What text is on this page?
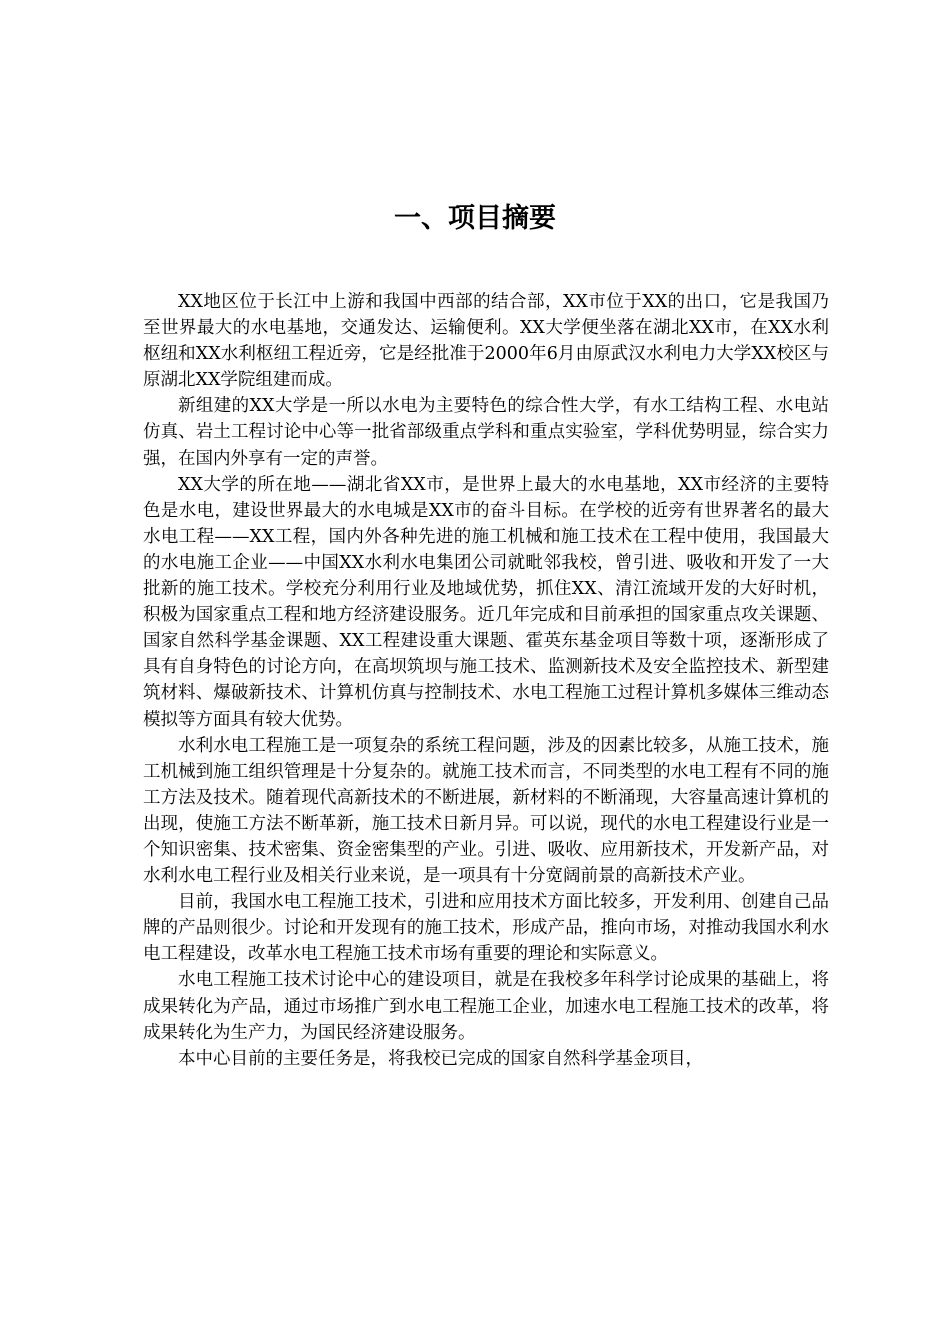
一、项目摘要

XX地区位于长江中上游和我国中西部的结合部，XX市位于XX的出口，它是我国乃至世界最大的水电基地，交通发达、运输便利。XX大学便坐落在湖北XX市，在XX水利枢纽和XX水利枢纽工程近旁，它是经批准于2000年6月由原武汉水利电力大学XX校区与原湖北XX学院组建而成。

新组建的XX大学是一所以水电为主要特色的综合性大学，有水工结构工程、水电站仿真、岩土工程讨论中心等一批省部级重点学科和重点实验室，学科优势明显，综合实力强，在国内外享有一定的声誉。

XX大学的所在地——湖北省XX市，是世界上最大的水电基地，XX市经济的主要特色是水电，建设世界最大的水电城是XX市的奋斗目标。在学校的近旁有世界著名的最大水电工程——XX工程，国内外各种先进的施工机械和施工技术在工程中使用，我国最大的水电施工企业——中国XX水利水电集团公司就毗邻我校，曾引进、吸收和开发了一大批新的施工技术。学校充分利用行业及地域优势，抓住XX、清江流域开发的大好时机，积极为国家重点工程和地方经济建设服务。近几年完成和目前承担的国家重点攻关课题、国家自然科学基金课题、XX工程建设重大课题、霍英东基金项目等数十项，逐渐形成了具有自身特色的讨论方向，在高坝筑坝与施工技术、监测新技术及安全监控技术、新型建筑材料、爆破新技术、计算机仿真与控制技术、水电工程施工过程计算机多媒体三维动态模拟等方面具有较大优势。

水利水电工程施工是一项复杂的系统工程问题，涉及的因素比较多，从施工技术，施工机械到施工组织管理是十分复杂的。就施工技术而言，不同类型的水电工程有不同的施工方法及技术。随着现代高新技术的不断进展，新材料的不断涌现，大容量高速计算机的出现，使施工方法不断革新，施工技术日新月异。可以说，现代的水电工程建设行业是一个知识密集、技术密集、资金密集型的产业。引进、吸收、应用新技术，开发新产品，对水利水电工程行业及相关行业来说，是一项具有十分宽阔前景的高新技术产业。

目前，我国水电工程施工技术，引进和应用技术方面比较多，开发利用、创建自己品牌的产品则很少。讨论和开发现有的施工技术，形成产品，推向市场，对推动我国水利水电工程建设，改革水电工程施工技术市场有重要的理论和实际意义。

水电工程施工技术讨论中心的建设项目，就是在我校多年科学讨论成果的基础上，将成果转化为产品，通过市场推广到水电工程施工企业，加速水电工程施工技术的改革，将成果转化为生产力，为国民经济建设服务。

本中心目前的主要任务是，将我校已完成的国家自然科学基金项目，
